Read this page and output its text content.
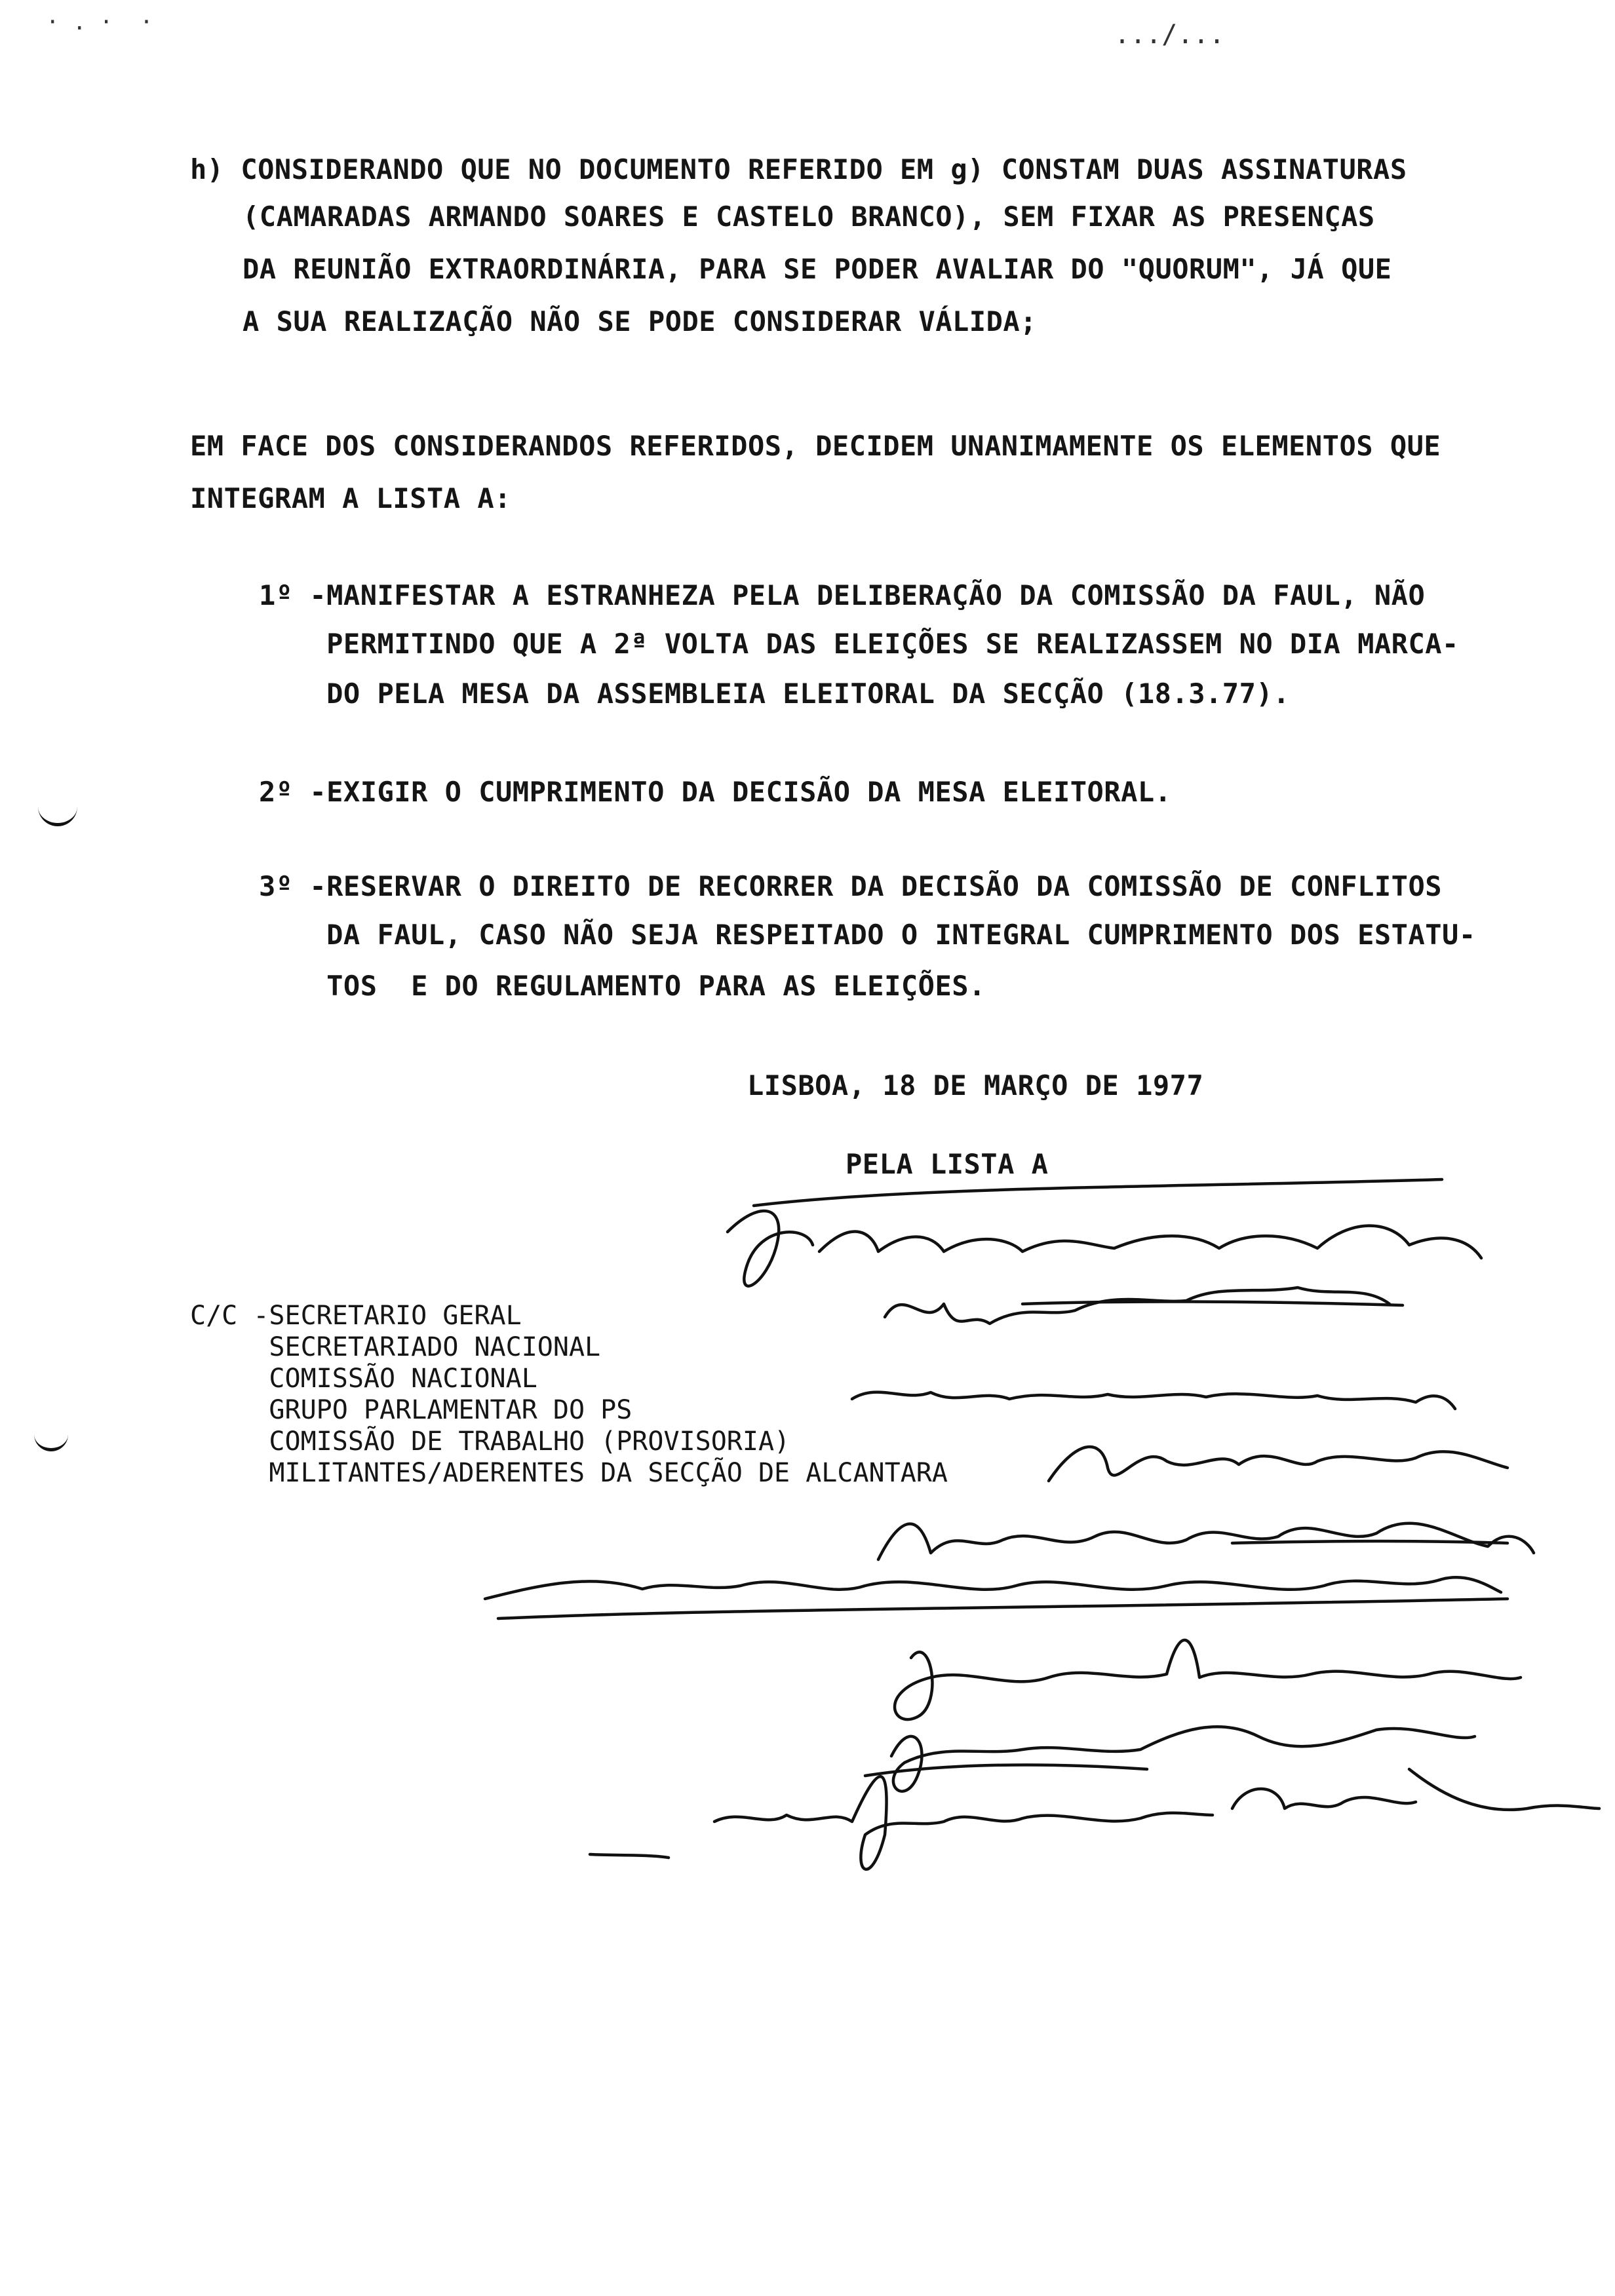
· . ·  ·	.../...
h) CONSIDERANDO QUE NO DOCUMENTO REFERIDO EM g) CONSTAM DUAS ASSINATURAS
(CAMARADAS ARMANDO SOARES E CASTELO BRANCO), SEM FIXAR AS PRESENÇAS
DA REUNIÃO EXTRAORDINÁRIA, PARA SE PODER AVALIAR DO "QUORUM", JÁ QUE
A SUA REALIZAÇÃO NÃO SE PODE CONSIDERAR VÁLIDA;
EM FACE DOS CONSIDERANDOS REFERIDOS, DECIDEM UNANIMAMENTE OS ELEMENTOS QUE
INTEGRAM A LISTA A:
1º -MANIFESTAR A ESTRANHEZA PELA DELIBERAÇÃO DA COMISSÃO DA FAUL, NÃO
PERMITINDO QUE A 2ª VOLTA DAS ELEIÇÕES SE REALIZASSEM NO DIA MARCA-
DO PELA MESA DA ASSEMBLEIA ELEITORAL DA SECÇÃO (18.3.77).
2º -EXIGIR O CUMPRIMENTO DA DECISÃO DA MESA ELEITORAL.
3º -RESERVAR O DIREITO DE RECORRER DA DECISÃO DA COMISSÃO DE CONFLITOS
DA FAUL, CASO NÃO SEJA RESPEITADO O INTEGRAL CUMPRIMENTO DOS ESTATU-
TOS  E DO REGULAMENTO PARA AS ELEIÇÕES.
LISBOA, 18 DE MARÇO DE 1977
PELA LISTA A
C/C -SECRETARIO GERAL
SECRETARIADO NACIONAL
COMISSÃO NACIONAL
GRUPO PARLAMENTAR DO PS
COMISSÃO DE TRABALHO (PROVISORIA)
MILITANTES/ADERENTES DA SECÇÃO DE ALCANTARA
